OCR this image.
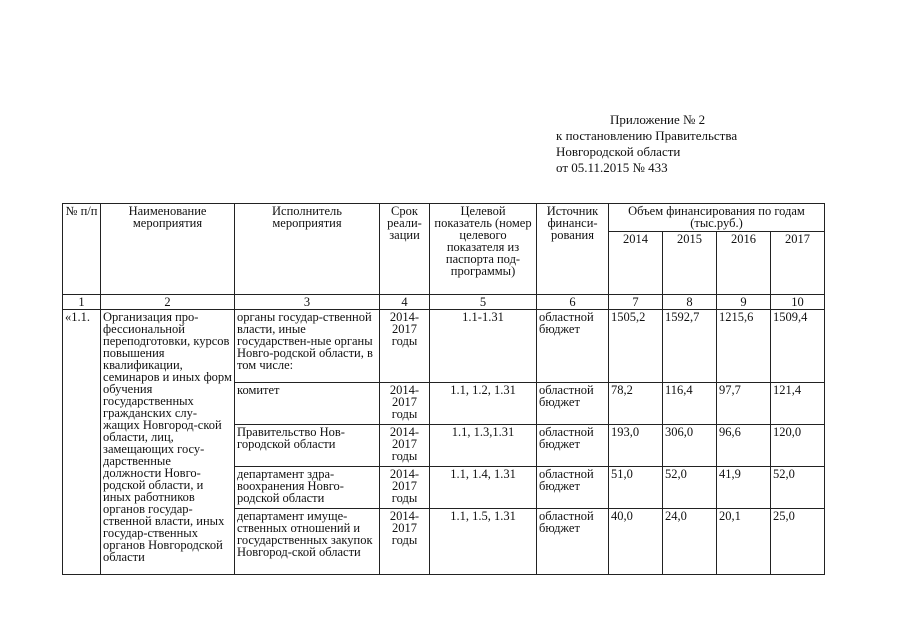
Приложение № 2
к постановлению Правительства
Новгородской области
от 05.11.2015 № 433
№ п/п	Наименование мероприятия	Исполнитель мероприятия	Срок реали-зации	Целевой показатель (номер целевого показателя из паспорта под-программы)	Источник финанси-рования	Объем финансирования по годам (тыс.руб.)			
						2014	2015	2016	2017
1	2	3	4	5	6	7	8	9	10
«1.1.	Организация про-фессиональной переподготовки, курсов повышения квалификации, семинаров и иных форм обучения государственных гражданских слу-жащих Новгород-ской области, лиц, замещающих госу-дарственные должности Новго-родской области, и иных работников органов государ-ственной власти, иных государ-ственных органов Новгородской области	органы государ-ственной власти, иные государствен-ные органы Новго-родской области, в том числе:	2014-2017 годы	1.1-1.31	областной бюджет	1505,2	1592,7	1215,6	1509,4
		комитет	2014-2017 годы	1.1, 1.2, 1.31	областной бюджет	78,2	116,4	97,7	121,4
		Правительство Нов-городской области	2014-2017 годы	1.1, 1.3,1.31	областной бюджет	193,0	306,0	96,6	120,0
		департамент здра-воохранения Новго-родской области	2014-2017 годы	1.1, 1.4, 1.31	областной бюджет	51,0	52,0	41,9	52,0
		департамент имуще-ственных отношений и государственных закупок Новгород-ской области	2014-2017 годы	1.1, 1.5, 1.31	областной бюджет	40,0	24,0	20,1	25,0
